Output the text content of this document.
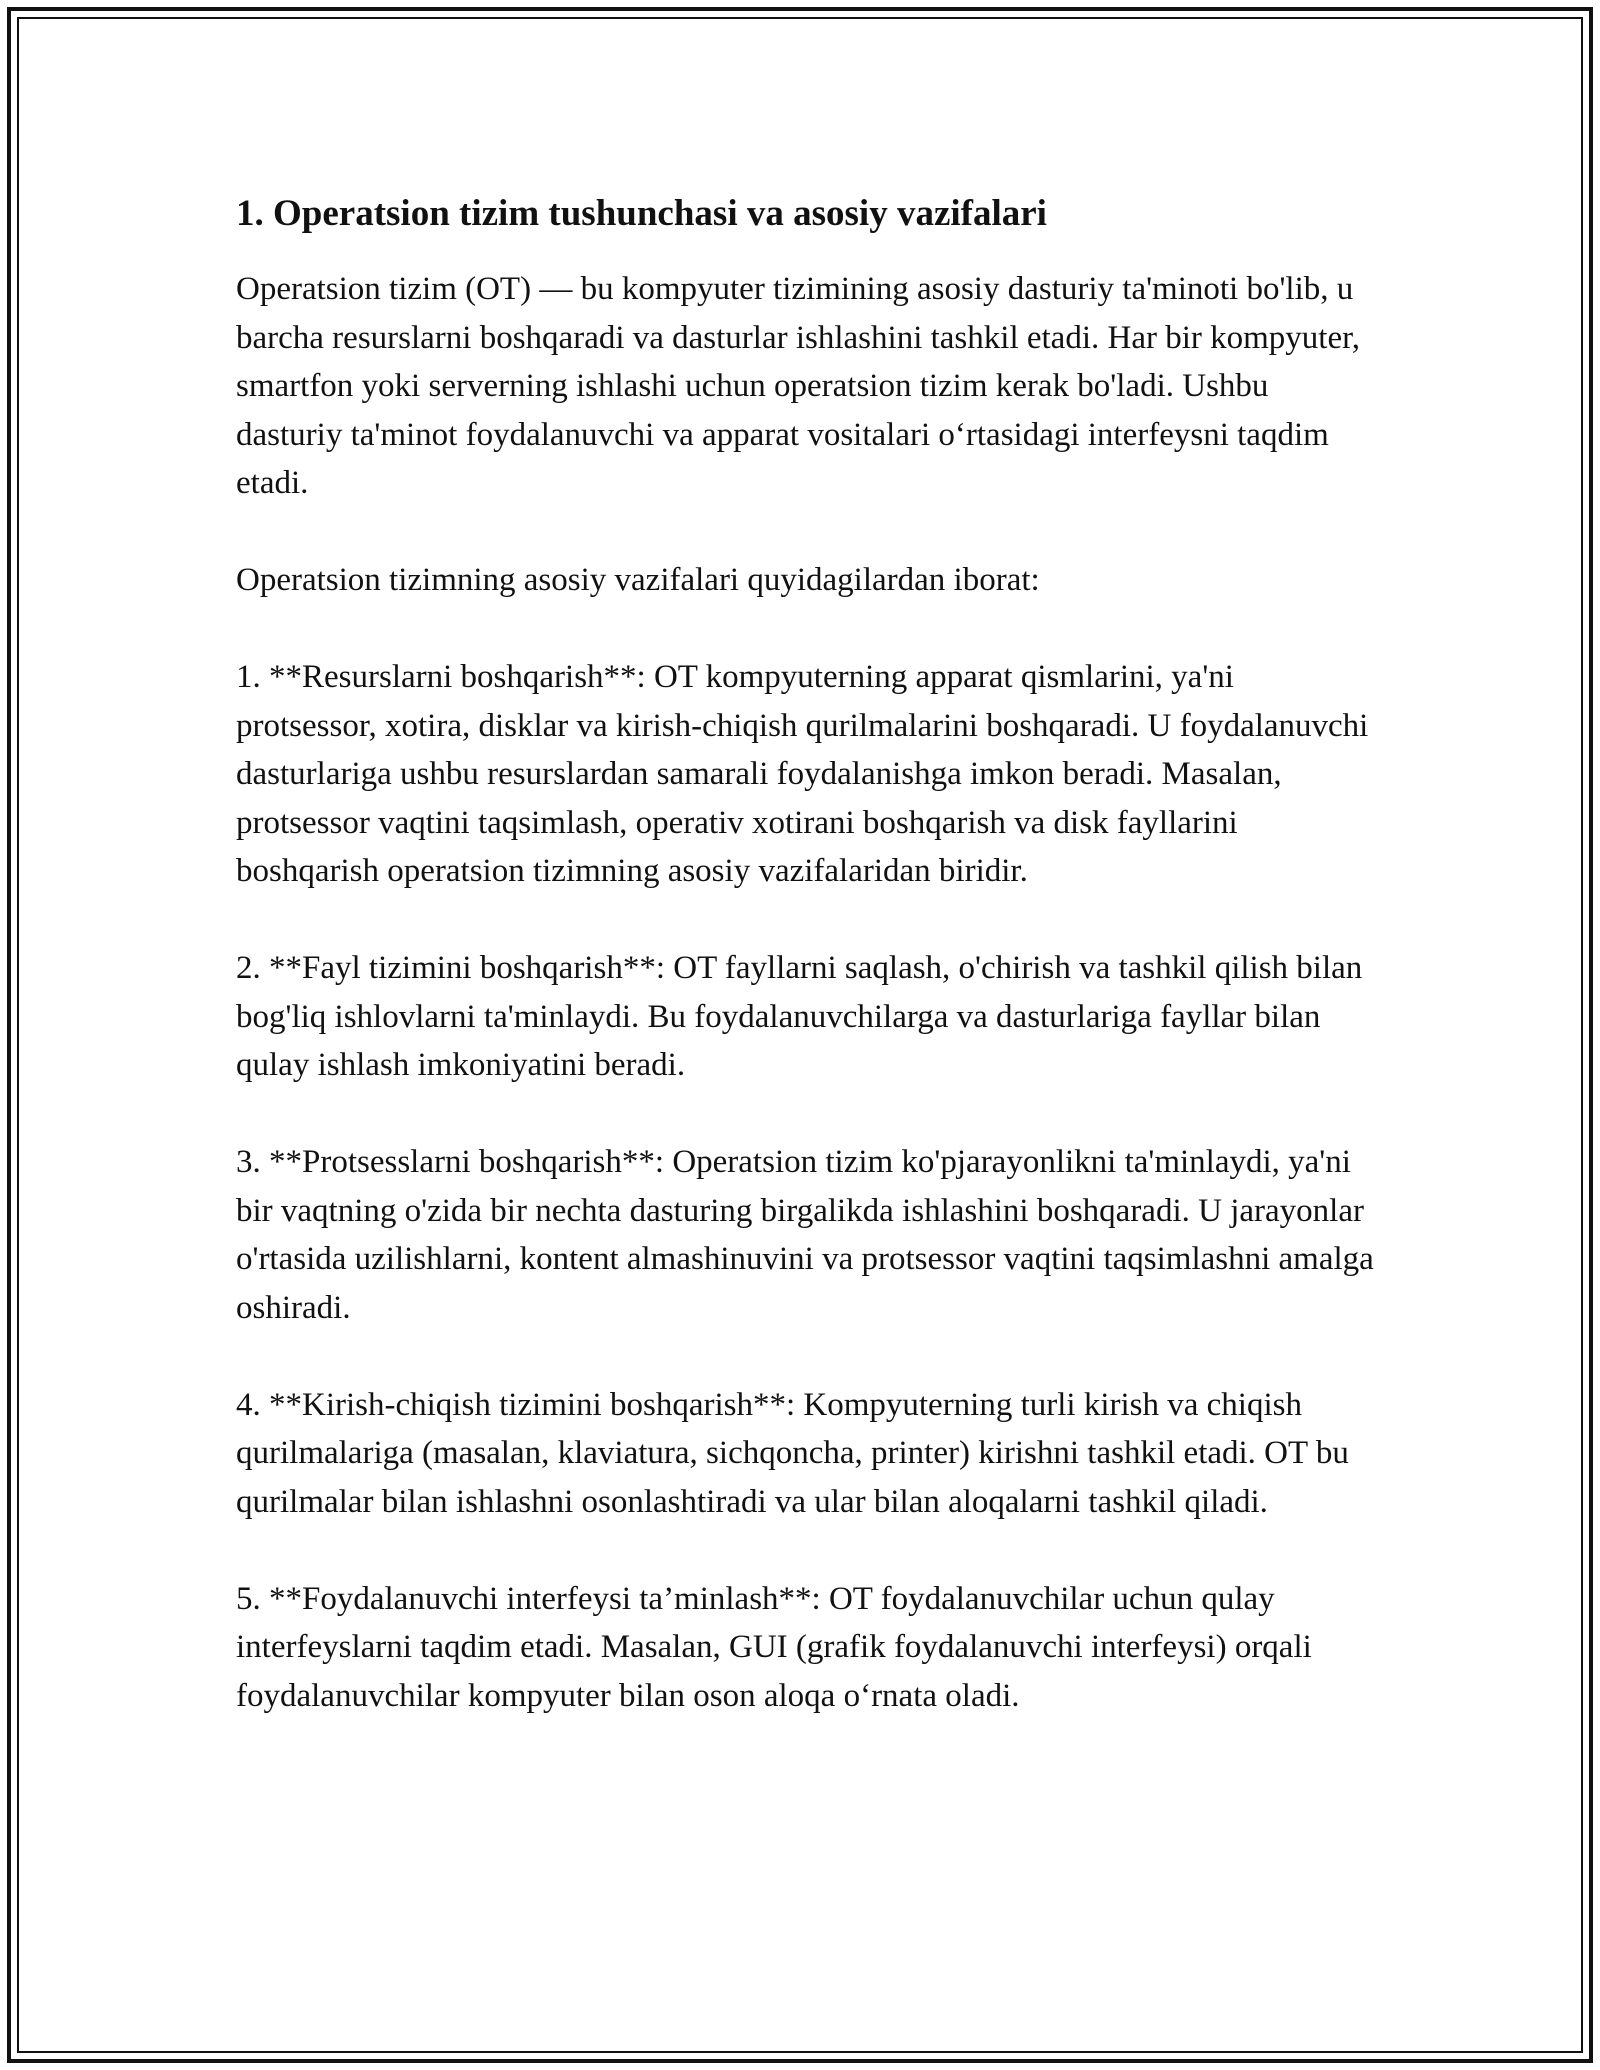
1. Operatsion tizim tushunchasi va asosiy vazifalari

Operatsion tizim (OT) — bu kompyuter tizimining asosiy dasturiy ta'minoti bo'lib, u barcha resurslarni boshqaradi va dasturlar ishlashini tashkil etadi. Har bir kompyuter, smartfon yoki serverning ishlashi uchun operatsion tizim kerak bo'ladi. Ushbu dasturiy ta'minot foydalanuvchi va apparat vositalari o‘rtasidagi interfeysni taqdim etadi.

Operatsion tizimning asosiy vazifalari quyidagilardan iborat:

1. **Resurslarni boshqarish**: OT kompyuterning apparat qismlarini, ya'ni protsessor, xotira, disklar va kirish-chiqish qurilmalarini boshqaradi. U foydalanuvchi dasturlariga ushbu resurslardan samarali foydalanishga imkon beradi. Masalan, protsessor vaqtini taqsimlash, operativ xotirani boshqarish va disk fayllarini boshqarish operatsion tizimning asosiy vazifalaridan biridir.

2. **Fayl tizimini boshqarish**: OT fayllarni saqlash, o'chirish va tashkil qilish bilan bog'liq ishlovlarni ta'minlaydi. Bu foydalanuvchilarga va dasturlariga fayllar bilan qulay ishlash imkoniyatini beradi.

3. **Protsesslarni boshqarish**: Operatsion tizim ko'pjarayonlikni ta'minlaydi, ya'ni bir vaqtning o'zida bir nechta dasturing birgalikda ishlashini boshqaradi. U jarayonlar o'rtasida uzilishlarni, kontent almashinuvini va protsessor vaqtini taqsimlashni amalga oshiradi.

4. **Kirish-chiqish tizimini boshqarish**: Kompyuterning turli kirish va chiqish qurilmalariga (masalan, klaviatura, sichqoncha, printer) kirishni tashkil etadi. OT bu qurilmalar bilan ishlashni osonlashtiradi va ular bilan aloqalarni tashkil qiladi.

5. **Foydalanuvchi interfeysi ta’minlash**: OT foydalanuvchilar uchun qulay interfeyslarni taqdim etadi. Masalan, GUI (grafik foydalanuvchi interfeysi) orqali foydalanuvchilar kompyuter bilan oson aloqa o‘rnata oladi.
